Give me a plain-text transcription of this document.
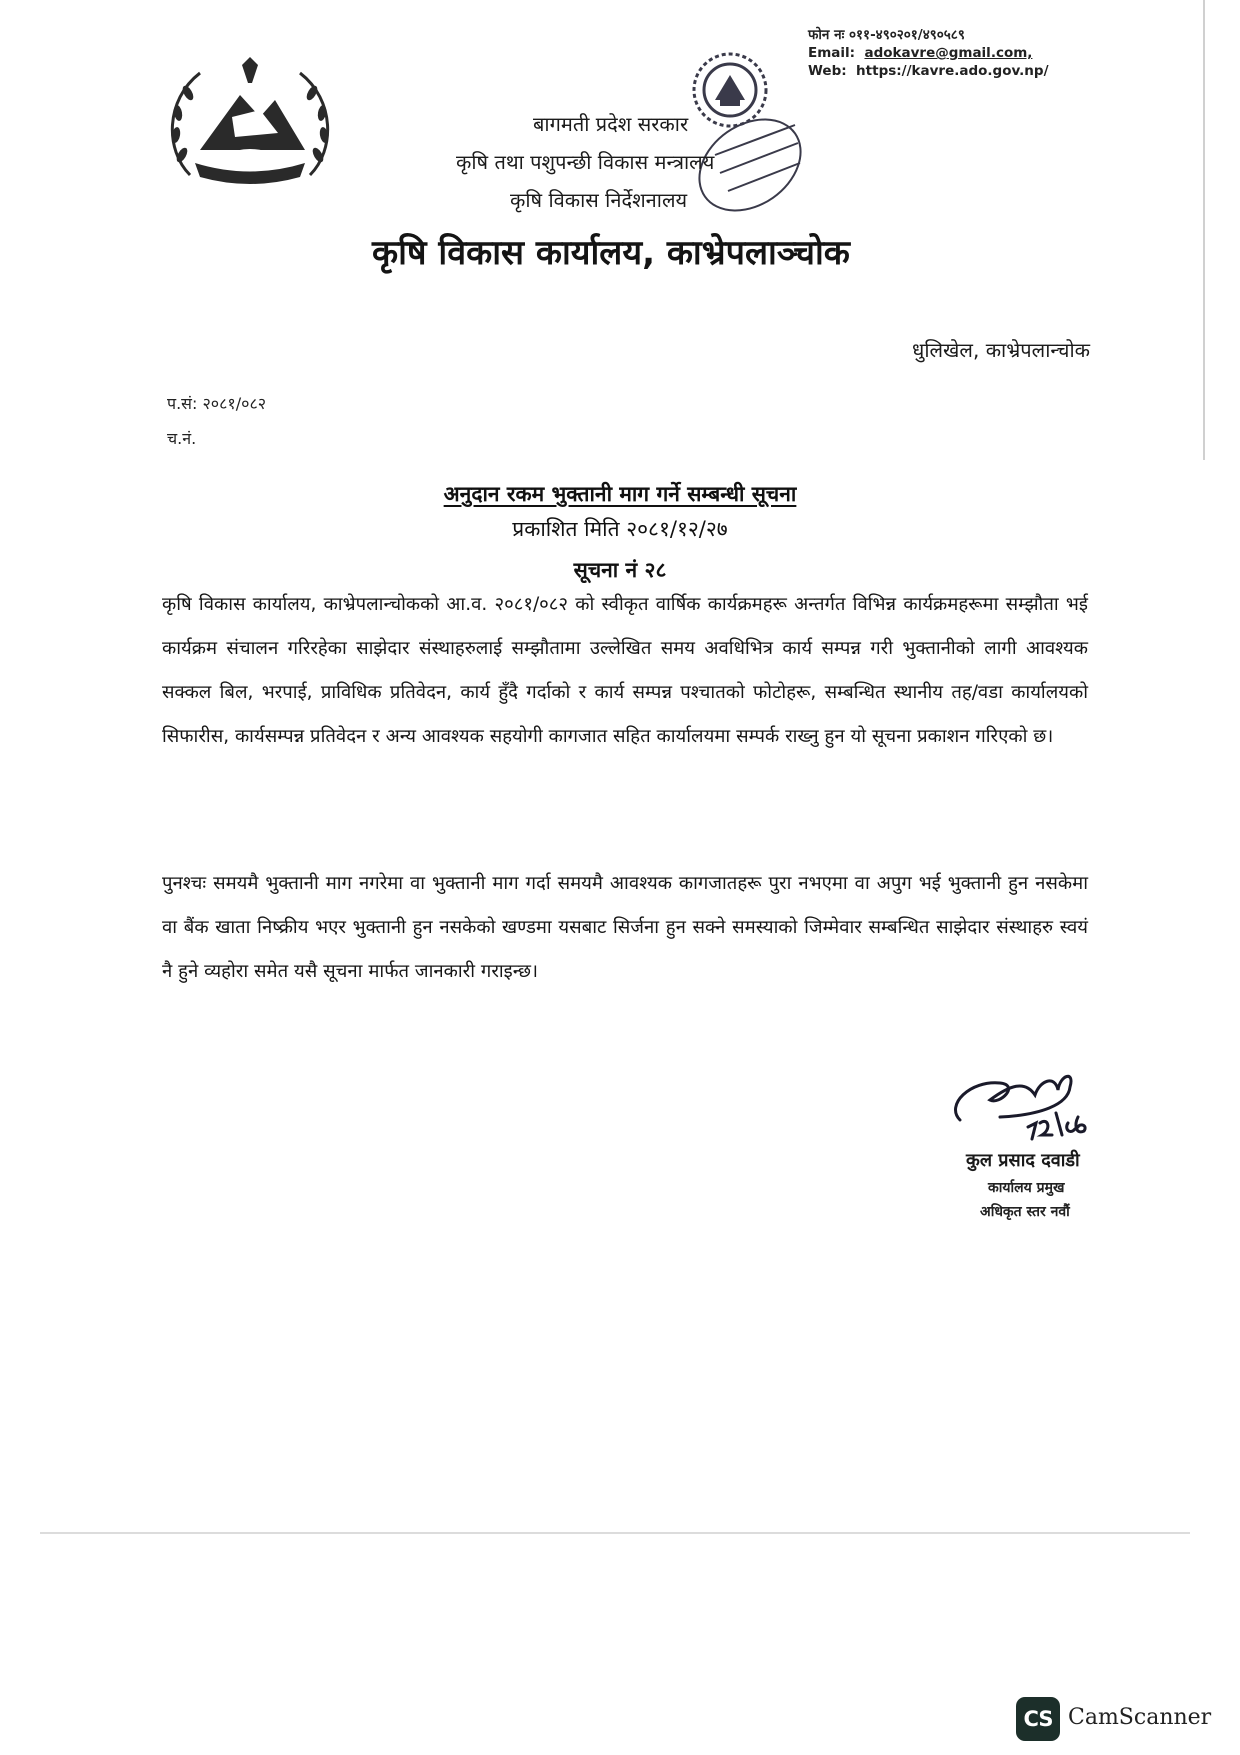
फोन नः ०११-४९०२०१/४९०५८९
Email: adokavre@gmail.com,
Web: https://kavre.ado.gov.np/
बागमती प्रदेश सरकार
कृषि तथा पशुपन्छी विकास मन्त्रालय
कृषि विकास निर्देशनालय
कृषि विकास कार्यालय, काभ्रेपलाञ्चोक
धुलिखेल, काभ्रेपलान्चोक
प.सं: २०८१/०८२
च.नं.
अनुदान रकम भुक्तानी माग गर्ने सम्बन्धी सूचना
प्रकाशित मिति २०८१/१२/२७
सूचना नं २८
कृषि विकास कार्यालय, काभ्रेपलान्चोकको आ.व. २०८१/०८२ को स्वीकृत वार्षिक कार्यक्रमहरू अन्तर्गत विभिन्न कार्यक्रमहरूमा सम्झौता भई कार्यक्रम संचालन गरिरहेका साझेदार संस्थाहरुलाई सम्झौतामा उल्लेखित समय अवधिभित्र कार्य सम्पन्न गरी भुक्तानीको लागी आवश्यक सक्कल बिल, भरपाई, प्राविधिक प्रतिवेदन, कार्य हुँदै गर्दाको र कार्य सम्पन्न पश्चातको फोटोहरू, सम्बन्धित स्थानीय तह/वडा कार्यालयको सिफारीस, कार्यसम्पन्न प्रतिवेदन र अन्य आवश्यक सहयोगी कागजात सहित कार्यालयमा सम्पर्क राख्नु हुन यो सूचना प्रकाशन गरिएको छ।
पुनश्चः समयमै भुक्तानी माग नगरेमा वा भुक्तानी माग गर्दा समयमै आवश्यक कागजातहरू पुरा नभएमा वा अपुग भई भुक्तानी हुन नसकेमा वा बैंक खाता निष्क्रीय भएर भुक्तानी हुन नसकेको खण्डमा यसबाट सिर्जना हुन सक्ने समस्याको जिम्मेवार सम्बन्धित साझेदार संस्थाहरु स्वयं नै हुने व्यहोरा समेत यसै सूचना मार्फत जानकारी गराइन्छ।
कुल प्रसाद दवाडी
कार्यालय प्रमुख
अधिकृत स्तर नवौं
CS CamScanner
